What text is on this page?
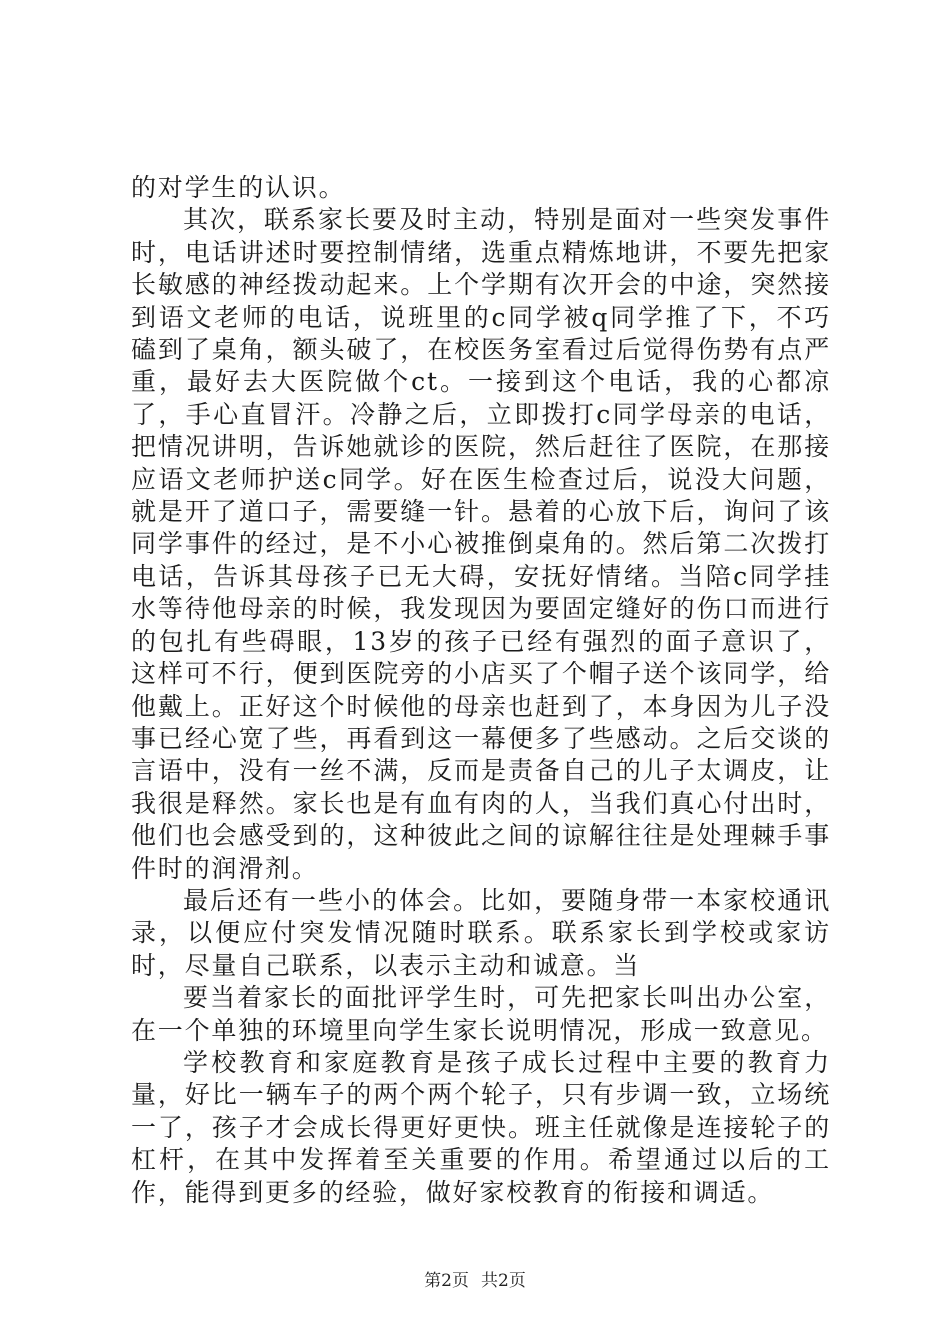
的对学生的认识。

其次，联系家长要及时主动，特别是面对一些突发事件时，电话讲述时要控制情绪，选重点精炼地讲，不要先把家长敏感的神经拨动起来。上个学期有次开会的中途，突然接到语文老师的电话，说班里的c同学被q同学推了下，不巧磕到了桌角，额头破了，在校医务室看过后觉得伤势有点严重，最好去大医院做个ct。一接到这个电话，我的心都凉了，手心直冒汗。冷静之后，立即拨打c同学母亲的电话，把情况讲明，告诉她就诊的医院，然后赶往了医院，在那接应语文老师护送c同学。好在医生检查过后，说没大问题，就是开了道口子，需要缝一针。悬着的心放下后，询问了该同学事件的经过，是不小心被推倒桌角的。然后第二次拨打电话，告诉其母孩子已无大碍，安抚好情绪。当陪c同学挂水等待他母亲的时候，我发现因为要固定缝好的伤口而进行的包扎有些碍眼，13岁的孩子已经有强烈的面子意识了，这样可不行，便到医院旁的小店买了个帽子送个该同学，给他戴上。正好这个时候他的母亲也赶到了，本身因为儿子没事已经心宽了些，再看到这一幕便多了些感动。之后交谈的言语中，没有一丝不满，反而是责备自己的儿子太调皮，让我很是释然。家长也是有血有肉的人，当我们真心付出时，他们也会感受到的，这种彼此之间的谅解往往是处理棘手事件时的润滑剂。

最后还有一些小的体会。比如，要随身带一本家校通讯录，以便应付突发情况随时联系。联系家长到学校或家访时，尽量自己联系，以表示主动和诚意。当

要当着家长的面批评学生时，可先把家长叫出办公室，在一个单独的环境里向学生家长说明情况，形成一致意见。

学校教育和家庭教育是孩子成长过程中主要的教育力量，好比一辆车子的两个两个轮子，只有步调一致，立场统一了，孩子才会成长得更好更快。班主任就像是连接轮子的杠杆，在其中发挥着至关重要的作用。希望通过以后的工作，能得到更多的经验，做好家校教育的衔接和调适。

第2页 共2页
